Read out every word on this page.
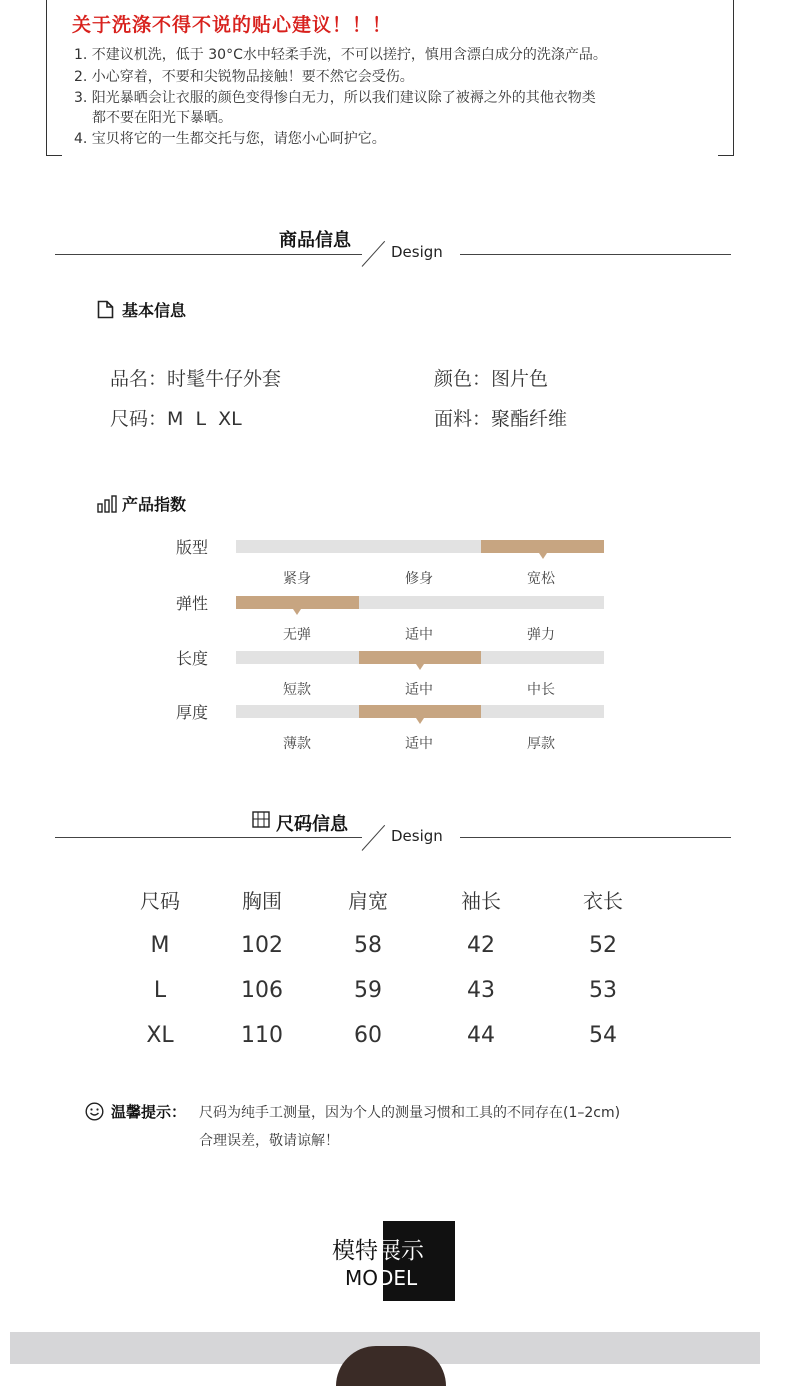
关于洗涤不得不说的贴心建议！！！
1. 不建议机洗，低于 30°C水中轻柔手洗，不可以搓拧，慎用含漂白成分的洗涤产品。
2. 小心穿着，不要和尖锐物品接触！要不然它会受伤。
3. 阳光暴晒会让衣服的颜色变得惨白无力，所以我们建议除了被褥之外的其他衣物类
都不要在阳光下暴晒。
4. 宝贝将它的一生都交托与您，请您小心呵护它。
商品信息
Design
基本信息
品名：时髦牛仔外套	颜色：图片色
尺码：M  L  XL	面料：聚酯纤维
产品指数
版型
紧身	修身	宽松
弹性
无弹	适中	弹力
长度
短款	适中	中长
厚度
薄款	适中	厚款
尺码信息
Design
尺码	胸围	肩宽	袖长	衣长
M	102	58	42	52
L	106	59	43	53
XL	110	60	44	54
温馨提示： 尺码为纯手工测量，因为个人的测量习惯和工具的不同存在(1–2cm)
合理误差，敬请谅解！
模特展示
MODEL
